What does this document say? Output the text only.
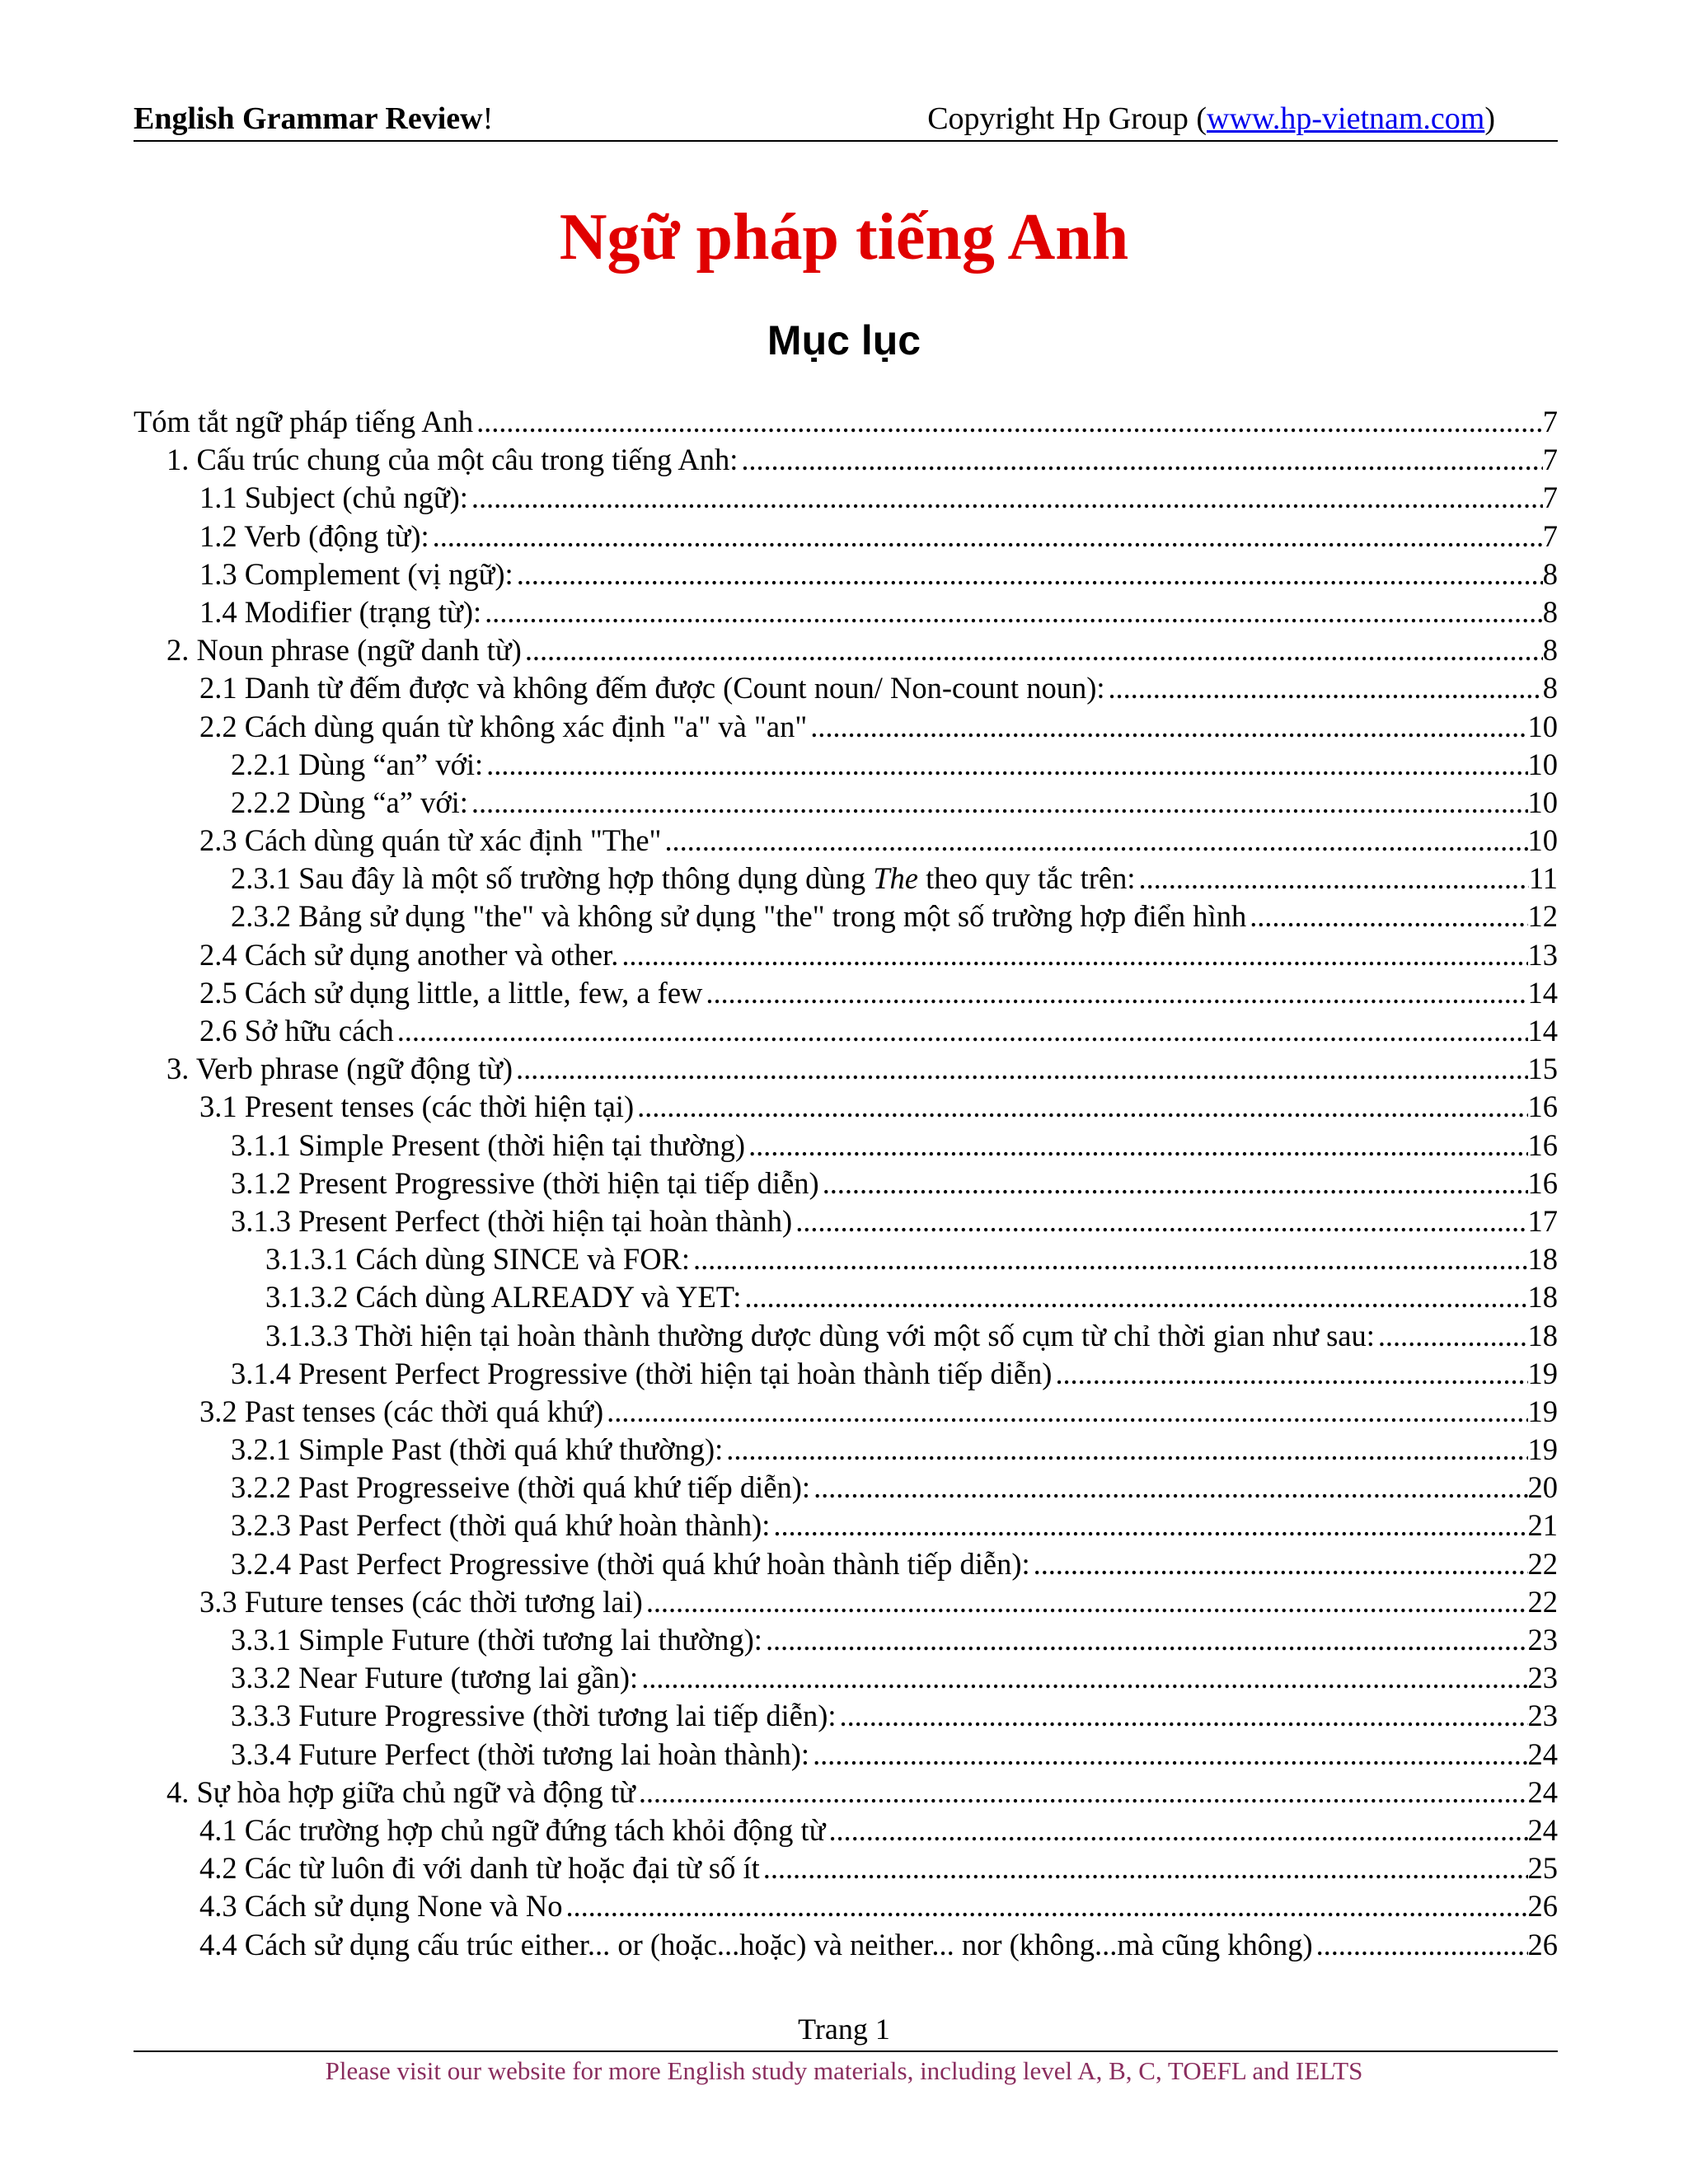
English Grammar Review!	Copyright Hp Group (www.hp-vietnam.com)
Ngữ pháp tiếng Anh
Mục lục
Tóm tắt ngữ pháp tiếng Anh . . .	7
1. Cấu trúc chung của một câu trong tiếng Anh: . . .	7
1.1 Subject (chủ ngữ): . . .	7
1.2 Verb (động từ): . . .	7
1.3 Complement (vị ngữ): . . .	8
1.4 Modifier (trạng từ): . . .	8
2. Noun phrase (ngữ danh từ) . . .	8
2.1 Danh từ đếm được và không đếm được (Count noun/ Non-count noun): . . .	8
2.2 Cách dùng quán từ không xác định "a" và "an" . . .	10
2.2.1 Dùng “an” với: . . .	10
2.2.2 Dùng “a” với: . . .	10
2.3 Cách dùng quán từ xác định "The" . . .	10
2.3.1 Sau đây là một số trường hợp thông dụng dùng The theo quy tắc trên: . . .	11
2.3.2 Bảng sử dụng "the" và không sử dụng "the" trong một số trường hợp điển hình . . .	12
2.4 Cách sử dụng another và other. . . .	13
2.5 Cách sử dụng little, a little, few, a few . . .	14
2.6 Sở hữu cách . . .	14
3. Verb phrase (ngữ động từ) . . .	15
3.1 Present tenses (các thời hiện tại) . . .	16
3.1.1 Simple Present (thời hiện tại thường) . . .	16
3.1.2 Present Progressive (thời hiện tại tiếp diễn) . . .	16
3.1.3 Present Perfect (thời hiện tại hoàn thành) . . .	17
3.1.3.1 Cách dùng SINCE và FOR: . . .	18
3.1.3.2 Cách dùng ALREADY và YET: . . .	18
3.1.3.3 Thời hiện tại hoàn thành thường dược dùng với một số cụm từ chỉ thời gian như sau: . . .	18
3.1.4 Present Perfect Progressive (thời hiện tại hoàn thành tiếp diễn) . . .	19
3.2 Past tenses (các thời quá khứ) . . .	19
3.2.1 Simple Past (thời quá khứ thường): . . .	19
3.2.2 Past Progresseive (thời quá khứ tiếp diễn): . . .	20
3.2.3 Past Perfect (thời quá khứ hoàn thành): . . .	21
3.2.4 Past Perfect Progressive (thời quá khứ hoàn thành tiếp diễn): . . .	22
3.3 Future tenses (các thời tương lai) . . .	22
3.3.1 Simple Future (thời tương lai thường): . . .	23
3.3.2 Near Future (tương lai gần): . . .	23
3.3.3 Future Progressive (thời tương lai tiếp diễn): . . .	23
3.3.4 Future Perfect (thời tương lai hoàn thành): . . .	24
4. Sự hòa hợp giữa chủ ngữ và động từ . . .	24
4.1 Các trường hợp chủ ngữ đứng tách khỏi động từ . . .	24
4.2 Các từ luôn đi với danh từ hoặc đại từ số ít . . .	25
4.3 Cách sử dụng None và No . . .	26
4.4 Cách sử dụng cấu trúc either... or (hoặc...hoặc) và neither... nor (không...mà cũng không) . . .	26
Trang 1
Please visit our website for more English study materials, including level A, B, C, TOEFL and IELTS
